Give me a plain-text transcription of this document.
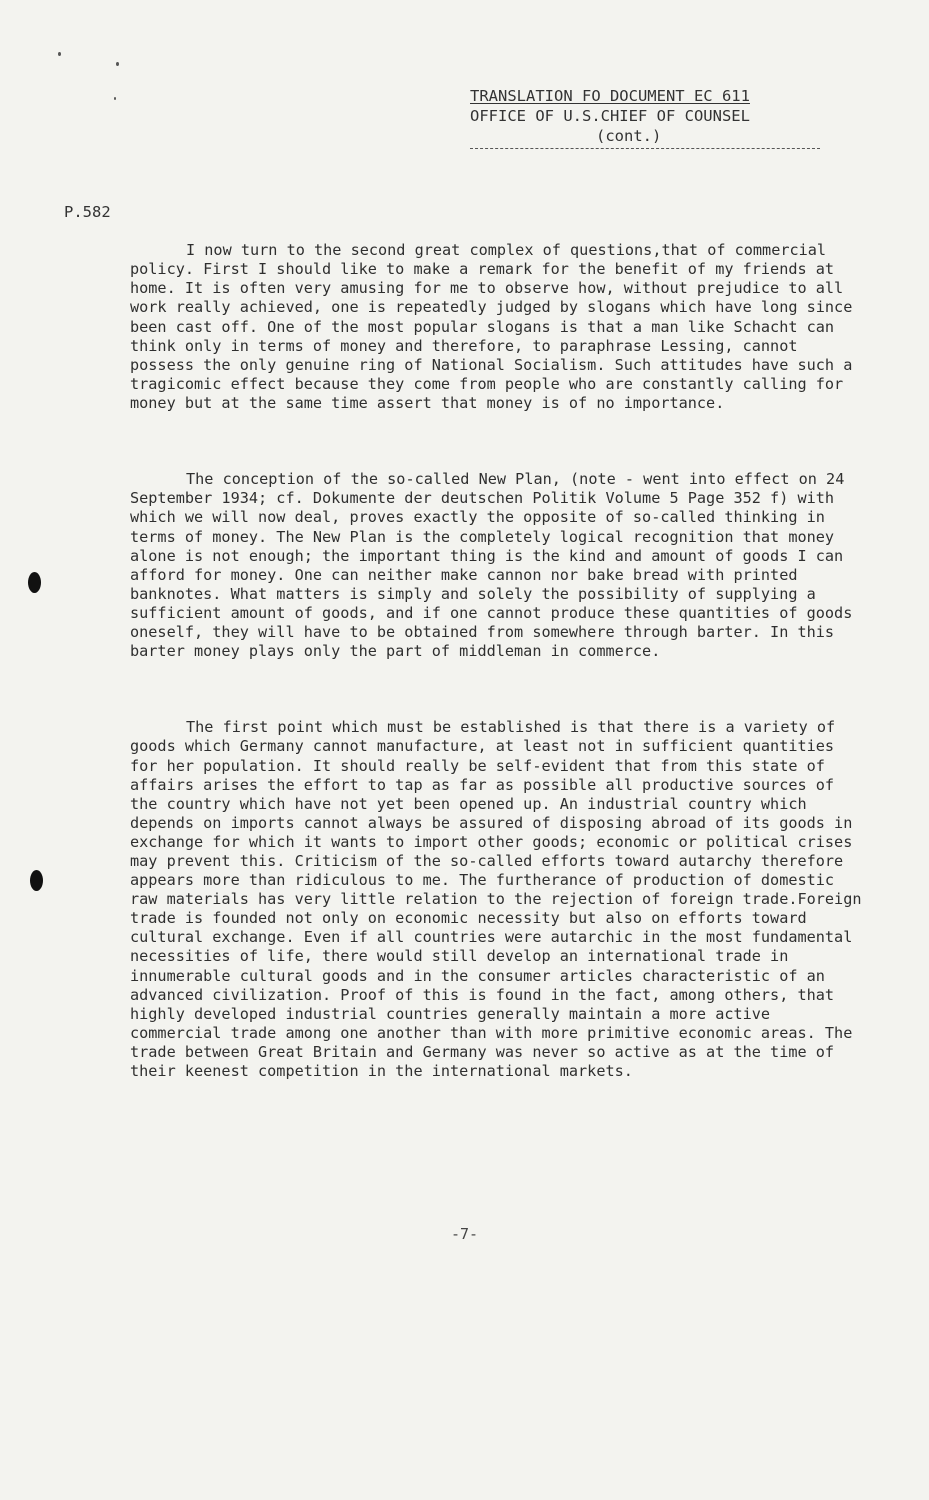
TRANSLATION FO DOCUMENT EC 611
OFFICE OF U.S.CHIEF OF COUNSEL
(cont.)
P.582

I now turn to the second great complex of questions,that of commercial policy. First I should like to make a remark for the benefit of my friends at home. It is often very amusing for me to observe how, without prejudice to all work really achieved, one is repeatedly judged by slogans which have long since been cast off. One of the most popular slogans is that a man like Schacht can think only in terms of money and therefore, to paraphrase Lessing, cannot possess the only genuine ring of National Socialism. Such attitudes have such a tragicomic effect because they come from people who are constantly calling for money but at the same time assert that money is of no importance.

The conception of the so-called New Plan, (note - went into effect on 24 September 1934; cf. Dokumente der deutschen Politik Volume 5 Page 352 f) with which we will now deal, proves exactly the opposite of so-called thinking in terms of money. The New Plan is the completely logical recognition that money alone is not enough; the important thing is the kind and amount of goods I can afford for money. One can neither make cannon nor bake bread with printed banknotes. What matters is simply and solely the possibility of supplying a sufficient amount of goods, and if one cannot produce these quantities of goods oneself, they will have to be obtained from somewhere through barter. In this barter money plays only the part of middleman in commerce.

The first point which must be established is that there is a variety of goods which Germany cannot manufacture, at least not in sufficient quantities for her population. It should really be self-evident that from this state of affairs arises the effort to tap as far as possible all productive sources of the country which have not yet been opened up. An industrial country which depends on imports cannot always be assured of disposing abroad of its goods in exchange for which it wants to import other goods; economic or political crises may prevent this. Criticism of the so-called efforts toward autarchy therefore appears more than ridiculous to me. The furtherance of production of domestic raw materials has very little relation to the rejection of foreign trade.Foreign trade is founded not only on economic necessity but also on efforts toward cultural exchange. Even if all countries were autarchic in the most fundamental necessities of life, there would still develop an international trade in innumerable cultural goods and in the consumer articles characteristic of an advanced civilization. Proof of this is found in the fact, among others, that highly developed industrial countries generally maintain a more active commercial trade among one another than with more primitive economic areas. The trade between Great Britain and Germany was never so active as at the time of their keenest competition in the international markets.

-7-
